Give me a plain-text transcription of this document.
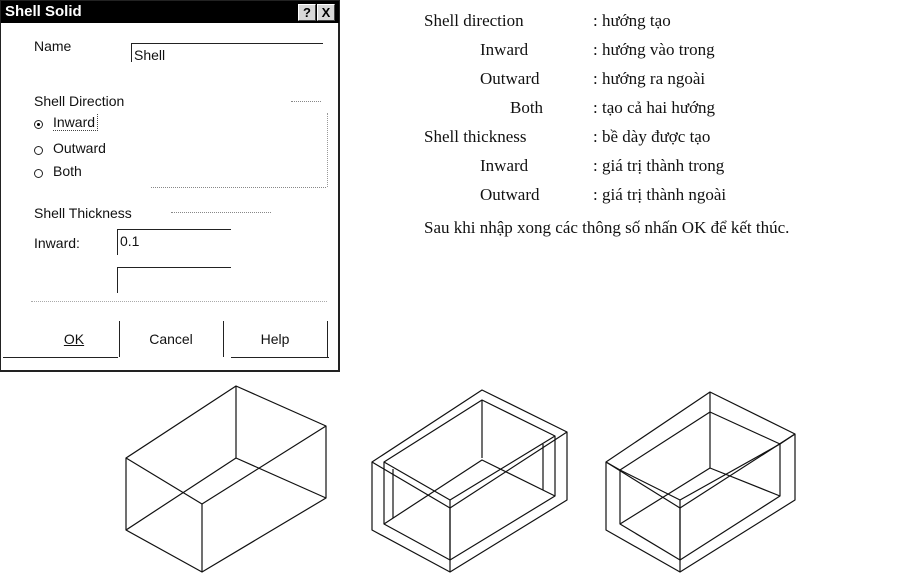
Shell Solid	? X
Name
Shell
Shell Direction
Inward
Outward
Both
Shell Thickness
Inward:	0.1
OK	Cancel	Help
Shell direction	: hướng tạo
Inward	: hướng vào trong
Outward	: hướng ra ngoài
Both	: tạo cả hai hướng
Shell thickness	: bề dày được tạo
Inward	: giá trị thành trong
Outward	: giá trị thành ngoài
Sau khi nhập xong các thông số nhấn OK để kết thúc.
